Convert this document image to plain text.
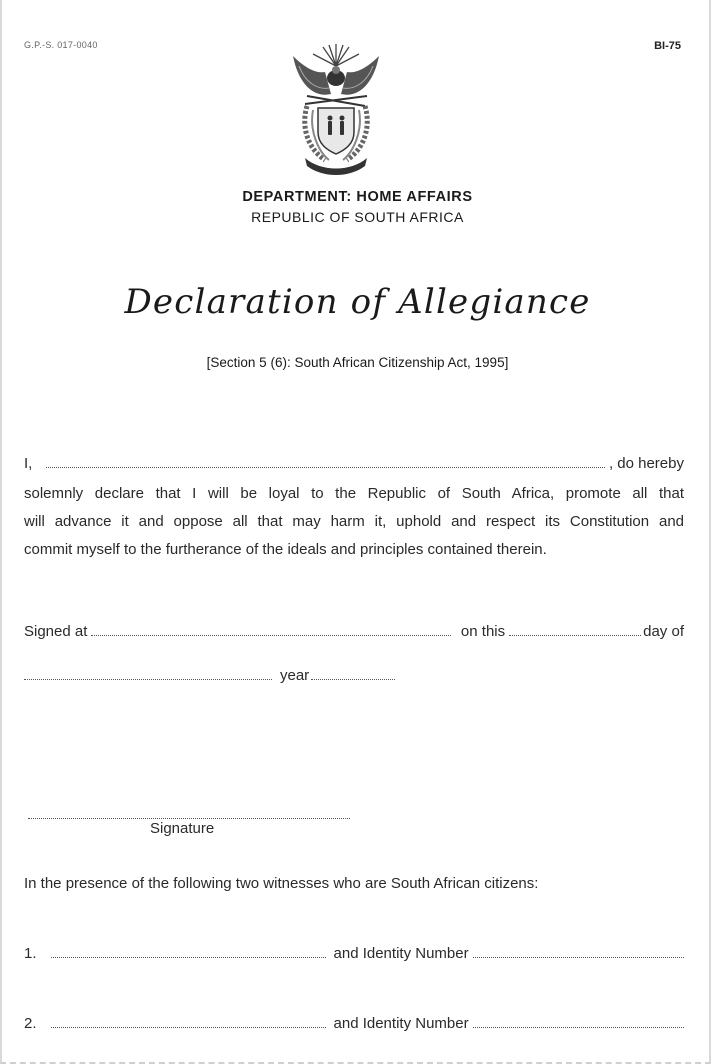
G.P.-S. 017-0040	BI-75
DEPARTMENT: HOME AFFAIRS
REPUBLIC OF SOUTH AFRICA
Declaration of Allegiance
[Section 5 (6): South African Citizenship Act, 1995]
I,	, do hereby
solemnly declare that I will be loyal to the Republic of South Africa, promote all that
will advance it and oppose all that may harm it, uphold and respect its Constitution and
commit myself to the furtherance of the ideals and principles contained therein.
Signed at	on this	day of
year
Signature
In the presence of the following two witnesses who are South African citizens:
1.	and Identity Number
2.	and Identity Number
